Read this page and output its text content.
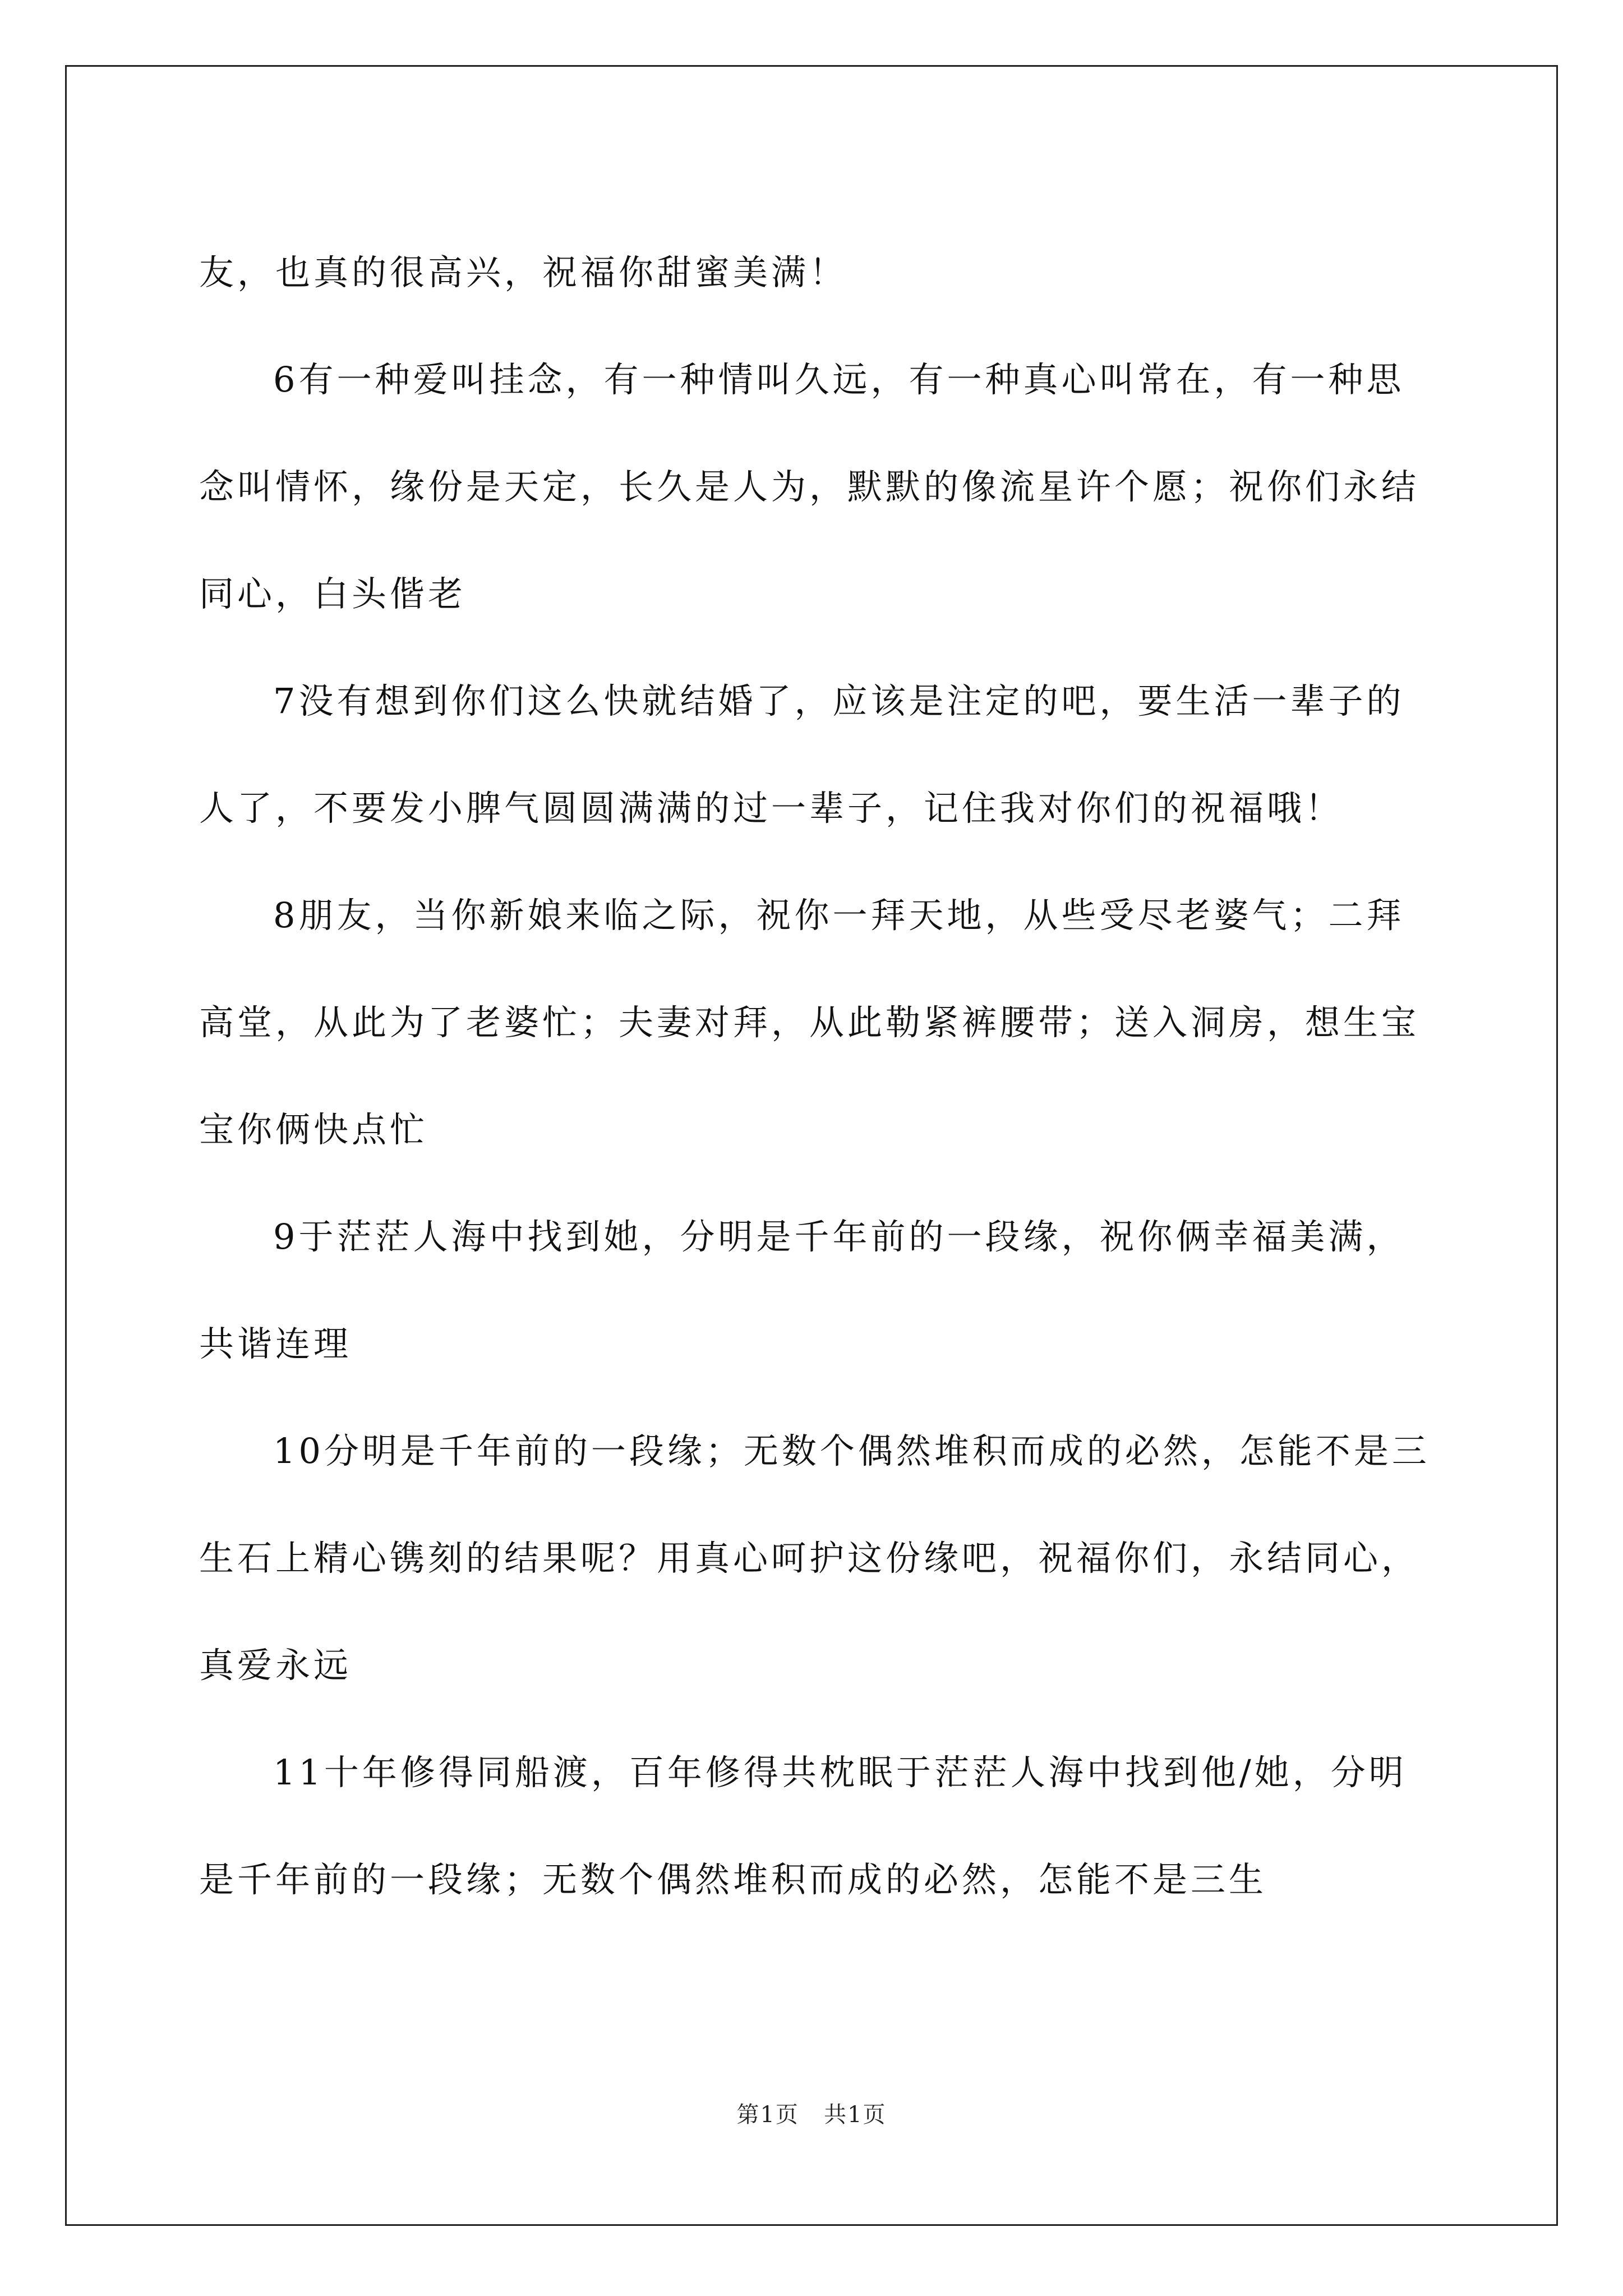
友，也真的很高兴，祝福你甜蜜美满！

6有一种爱叫挂念，有一种情叫久远，有一种真心叫常在，有一种思念叫情怀，缘份是天定，长久是人为，默默的像流星许个愿；祝你们永结同心，白头偕老

7没有想到你们这么快就结婚了，应该是注定的吧，要生活一辈子的人了，不要发小脾气圆圆满满的过一辈子，记住我对你们的祝福哦！

8朋友，当你新娘来临之际，祝你一拜天地，从些受尽老婆气；二拜高堂，从此为了老婆忙；夫妻对拜，从此勒紧裤腰带；送入洞房，想生宝宝你俩快点忙

9于茫茫人海中找到她，分明是千年前的一段缘，祝你俩幸福美满，共谐连理

10分明是千年前的一段缘；无数个偶然堆积而成的必然，怎能不是三生石上精心镌刻的结果呢？用真心呵护这份缘吧，祝福你们，永结同心，真爱永远

11十年修得同船渡，百年修得共枕眠于茫茫人海中找到他/她，分明是千年前的一段缘；无数个偶然堆积而成的必然，怎能不是三生

第1页 共1页
